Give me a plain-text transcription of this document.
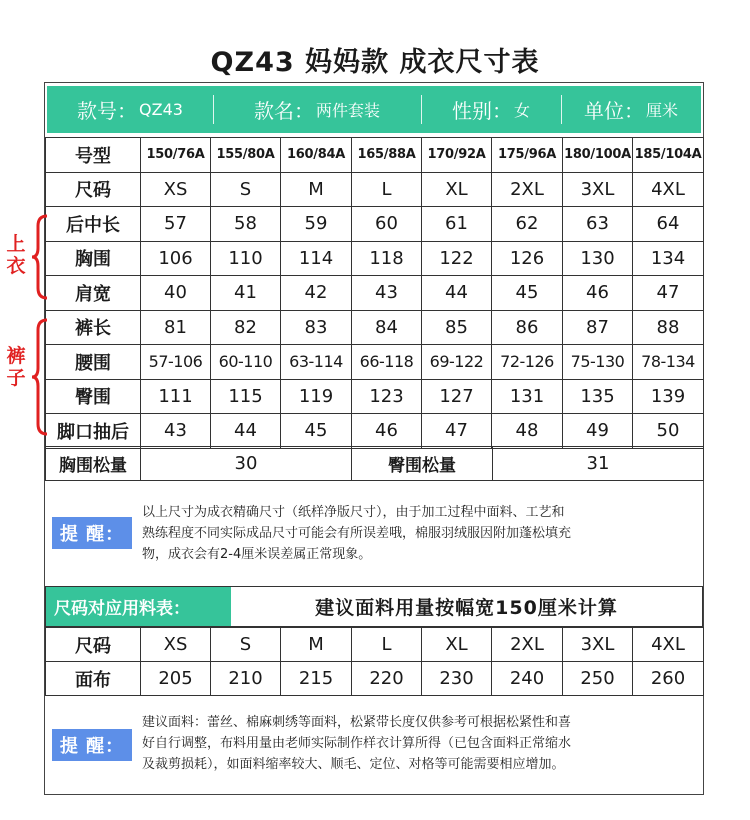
QZ43 妈妈款 成衣尺寸表
款号： QZ43	款名： 两件套装	性别： 女	单位： 厘米
号型	150/76A	155/80A	160/84A	165/88A	170/92A	175/96A	180/100A	185/104A
尺码	XS	S	M	L	XL	2XL	3XL	4XL
后中长	57	58	59	60	61	62	63	64
胸围	106	110	114	118	122	126	130	134
肩宽	40	41	42	43	44	45	46	47
裤长	81	82	83	84	85	86	87	88
腰围	57-106	60-110	63-114	66-118	69-122	72-126	75-130	78-134
臀围	111	115	119	123	127	131	135	139
脚口抽后	43	44	45	46	47	48	49	50
胸围松量	30	臀围松量	31
提 醒：
以上尺寸为成衣精确尺寸（纸样净版尺寸），由于加工过程中面料、工艺和
熟练程度不同实际成品尺寸可能会有所误差哦，棉服羽绒服因附加蓬松填充
物，成衣会有2-4厘米误差属正常现象。
尺码对应用料表：	建议面料用量按幅宽150厘米计算
尺码	XS	S	M	L	XL	2XL	3XL	4XL
面布	205	210	215	220	230	240	250	260
提 醒：
建议面料：蕾丝、棉麻刺绣等面料，松紧带长度仅供参考可根据松紧性和喜
好自行调整，布料用量由老师实际制作样衣计算所得（已包含面料正常缩水
及裁剪损耗），如面料缩率较大、顺毛、定位、对格等可能需要相应增加。
上衣
裤子
